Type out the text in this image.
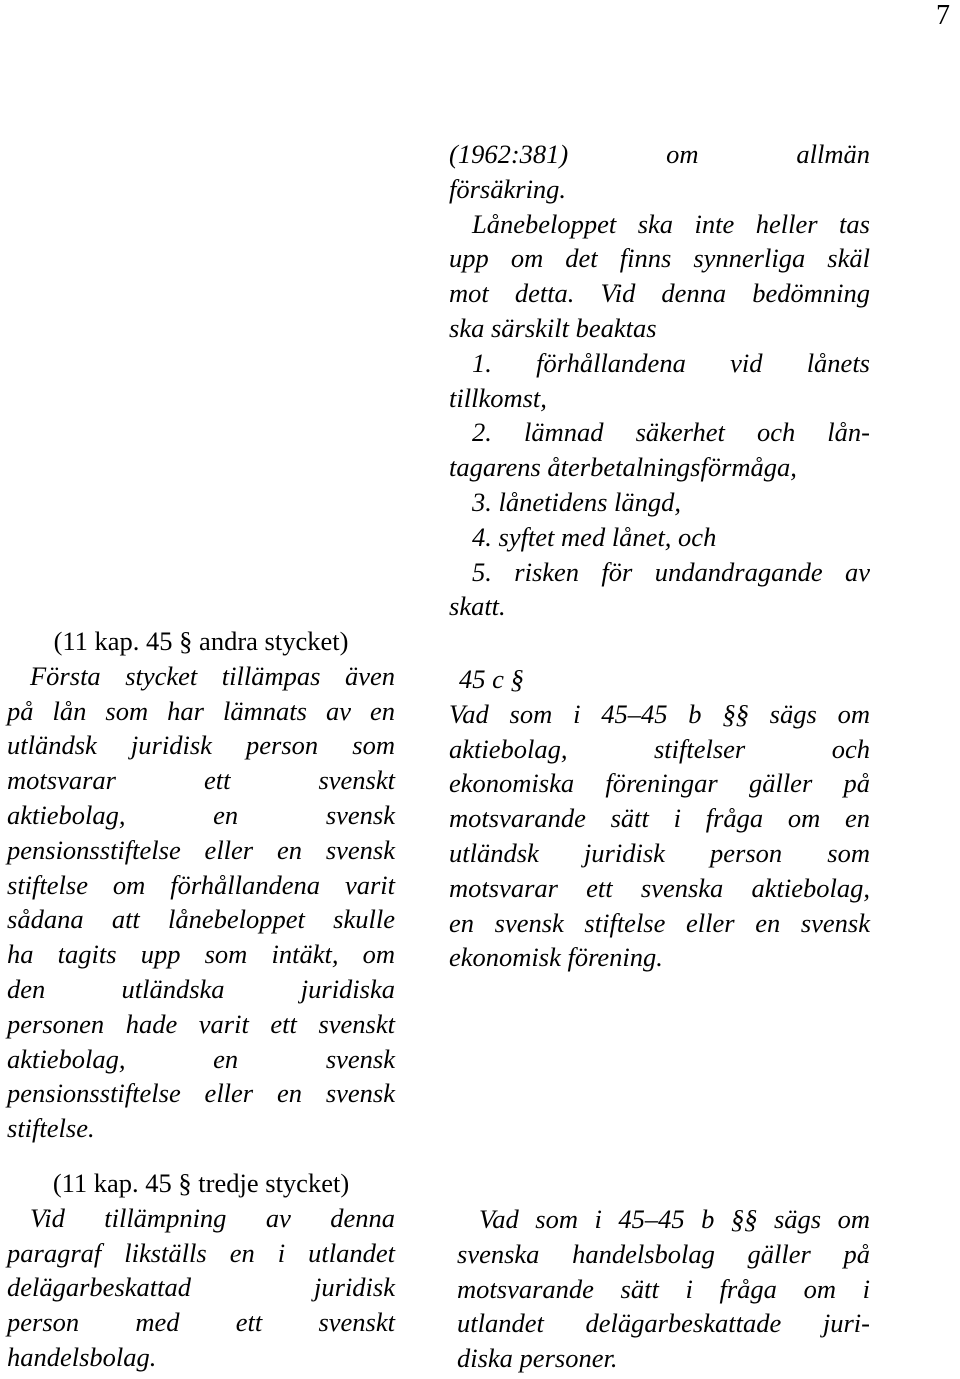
7
(11 kap. 45 § andra stycket)
Första stycket tillämpas även
på lån som har lämnats av en
utländsk juridisk person som
motsvarar ett svenskt
aktiebolag, en svensk
pensionsstiftelse eller en svensk
stiftelse om förhållandena varit
sådana att lånebeloppet skulle
ha tagits upp som intäkt, om
den utländska juridiska
personen hade varit ett svenskt
aktiebolag, en svensk
pensionsstiftelse eller en svensk
stiftelse.
(11 kap. 45 § tredje stycket)
Vid tillämpning av denna
paragraf likställs en i utlandet
delägarbeskattad juridisk
person med ett svenskt
handelsbolag.
(1962:381) om allmän
försäkring.
Lånebeloppet ska inte heller tas
upp om det finns synnerliga skäl
mot detta. Vid denna bedömning
ska särskilt beaktas
1. förhållandena vid lånets
tillkomst,
2. lämnad säkerhet och lån-
tagarens återbetalningsförmåga,
3. lånetidens längd,
4. syftet med lånet, och
5. risken för undandragande av
skatt.
45 c §
Vad som i 45–45 b §§ sägs om
aktiebolag, stiftelser och
ekonomiska föreningar gäller på
motsvarande sätt i fråga om en
utländsk juridisk person som
motsvarar ett svenska aktiebolag,
en svensk stiftelse eller en svensk
ekonomisk förening.
Vad som i 45–45 b §§ sägs om
svenska handelsbolag gäller på
motsvarande sätt i fråga om i
utlandet delägarbeskattade juri-
diska personer.
